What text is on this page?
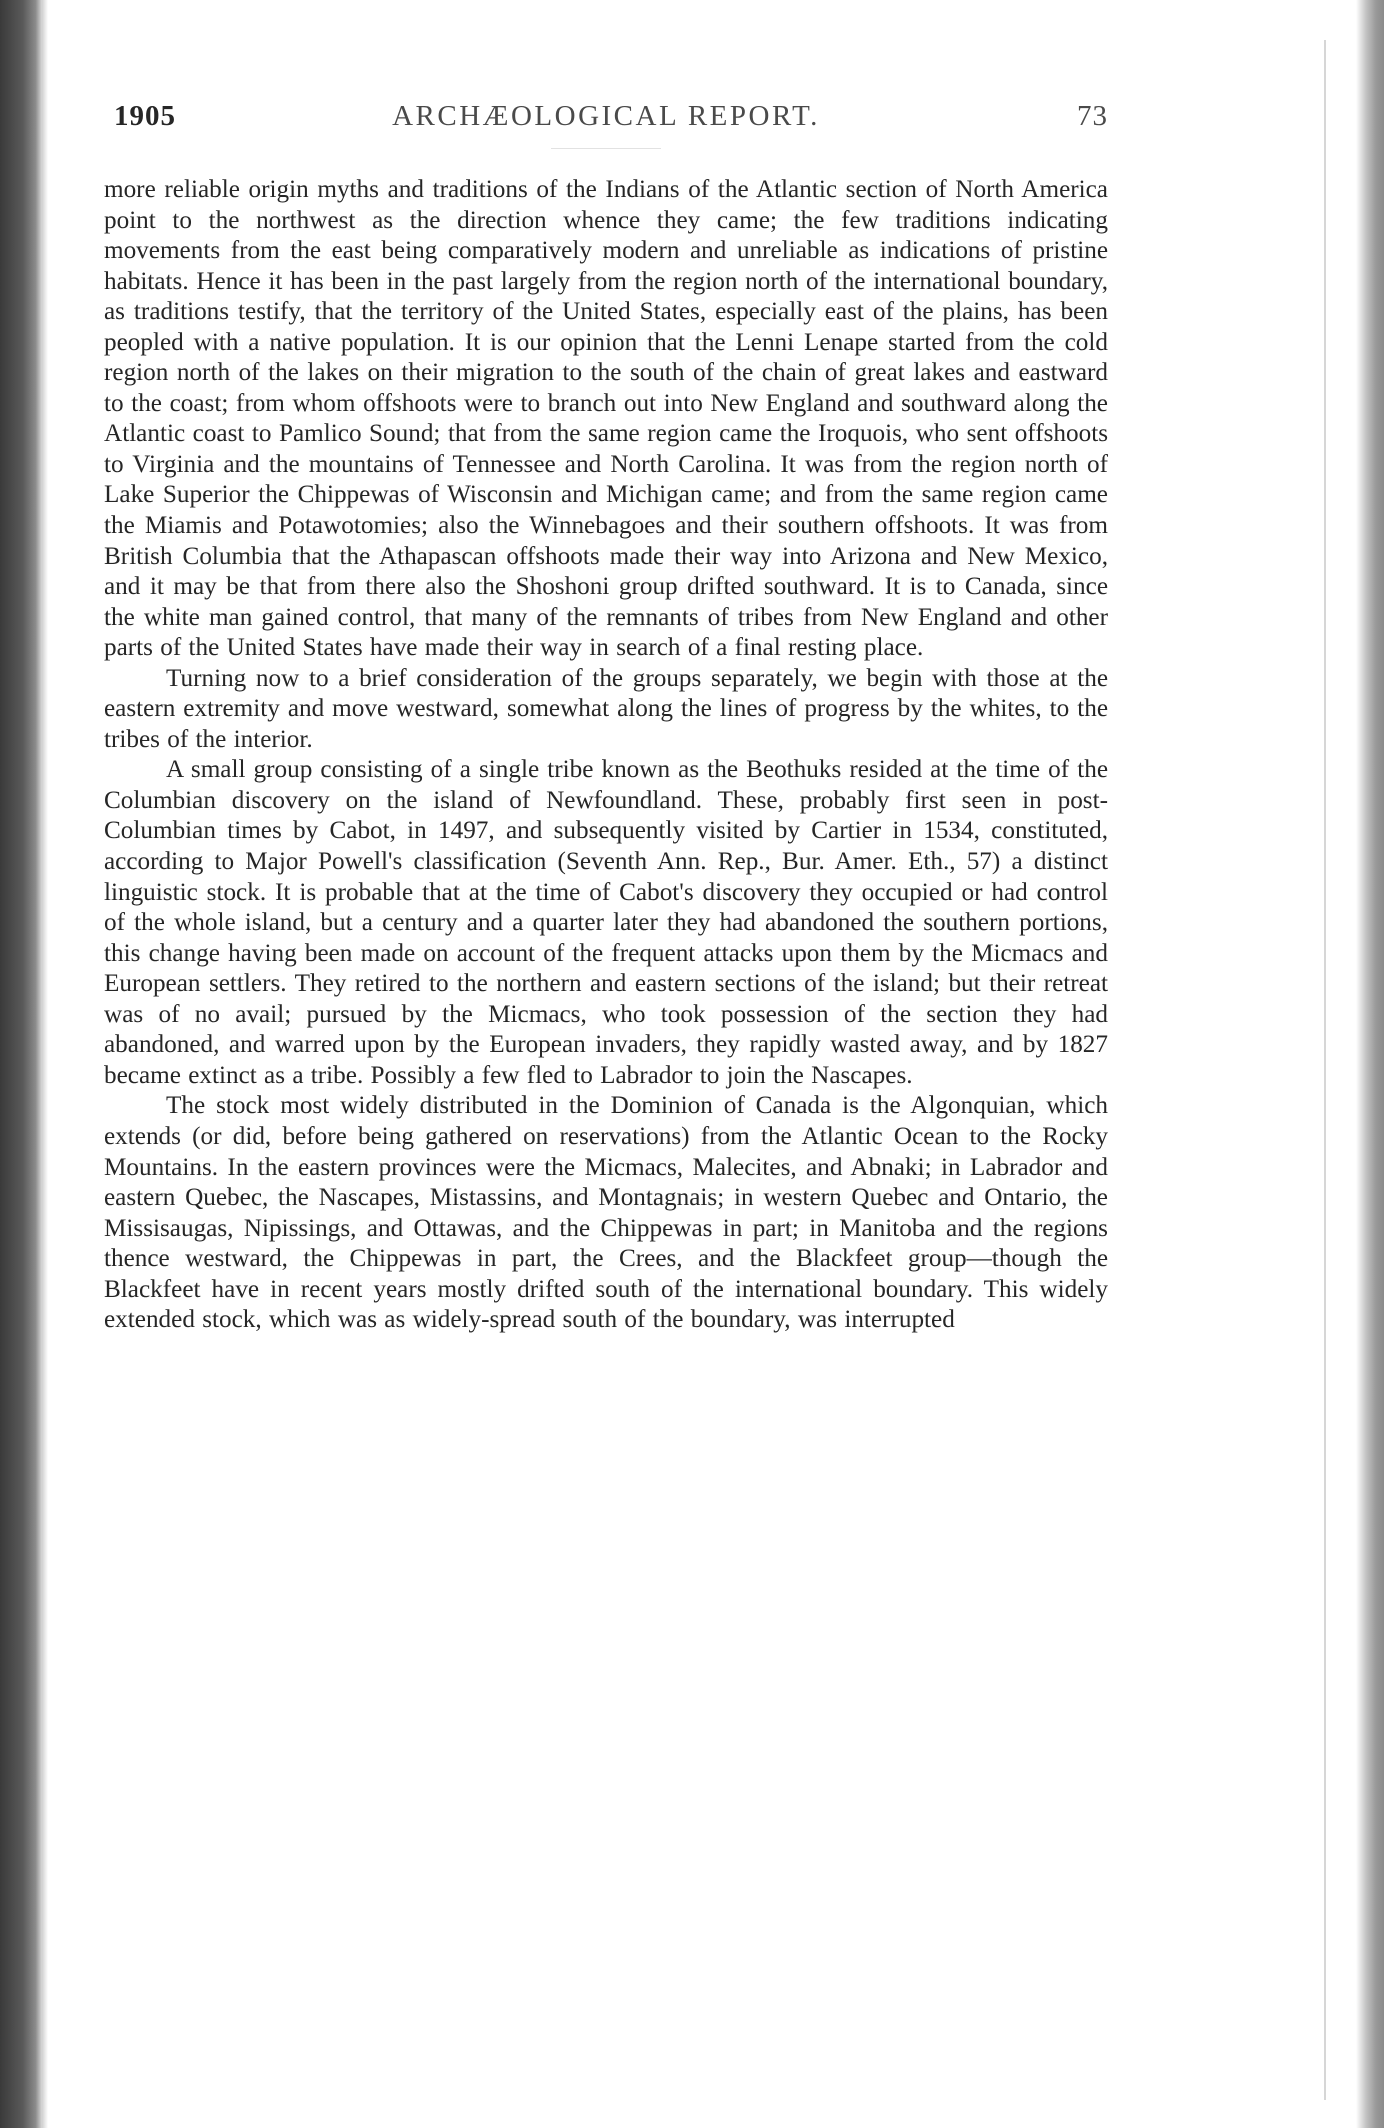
1905	ARCHÆOLOGICAL REPORT.	73

more reliable origin myths and traditions of the Indians of the Atlantic section of North America point to the northwest as the direction whence they came; the few traditions indicating movements from the east being comparatively modern and unreliable as indications of pristine habitats. Hence it has been in the past largely from the region north of the international boundary, as traditions testify, that the territory of the United States, especially east of the plains, has been peopled with a native population. It is our opinion that the Lenni Lenape started from the cold region north of the lakes on their migration to the south of the chain of great lakes and eastward to the coast; from whom offshoots were to branch out into New England and southward along the Atlantic coast to Pamlico Sound; that from the same region came the Iroquois, who sent offshoots to Virginia and the mountains of Tennessee and North Carolina. It was from the region north of Lake Superior the Chippewas of Wisconsin and Michigan came; and from the same region came the Miamis and Potawotomies; also the Winnebagoes and their southern offshoots. It was from British Columbia that the Athapascan offshoots made their way into Arizona and New Mexico, and it may be that from there also the Shoshoni group drifted southward. It is to Canada, since the white man gained control, that many of the remnants of tribes from New England and other parts of the United States have made their way in search of a final resting place.

Turning now to a brief consideration of the groups separately, we begin with those at the eastern extremity and move westward, somewhat along the lines of progress by the whites, to the tribes of the interior.

A small group consisting of a single tribe known as the Beothuks resided at the time of the Columbian discovery on the island of Newfoundland. These, probably first seen in post-Columbian times by Cabot, in 1497, and subsequently visited by Cartier in 1534, constituted, according to Major Powell's classification (Seventh Ann. Rep., Bur. Amer. Eth., 57) a distinct linguistic stock. It is probable that at the time of Cabot's discovery they occupied or had control of the whole island, but a century and a quarter later they had abandoned the southern portions, this change having been made on account of the frequent attacks upon them by the Micmacs and European settlers. They retired to the northern and eastern sections of the island; but their retreat was of no avail; pursued by the Micmacs, who took possession of the section they had abandoned, and warred upon by the European invaders, they rapidly wasted away, and by 1827 became extinct as a tribe. Possibly a few fled to Labrador to join the Nascapes.

The stock most widely distributed in the Dominion of Canada is the Algonquian, which extends (or did, before being gathered on reservations) from the Atlantic Ocean to the Rocky Mountains. In the eastern provinces were the Micmacs, Malecites, and Abnaki; in Labrador and eastern Quebec, the Nascapes, Mistassins, and Montagnais; in western Quebec and Ontario, the Missisaugas, Nipissings, and Ottawas, and the Chippewas in part; in Manitoba and the regions thence westward, the Chippewas in part, the Crees, and the Blackfeet group—though the Blackfeet have in recent years mostly drifted south of the international boundary. This widely extended stock, which was as widely-spread south of the boundary, was interrupted
